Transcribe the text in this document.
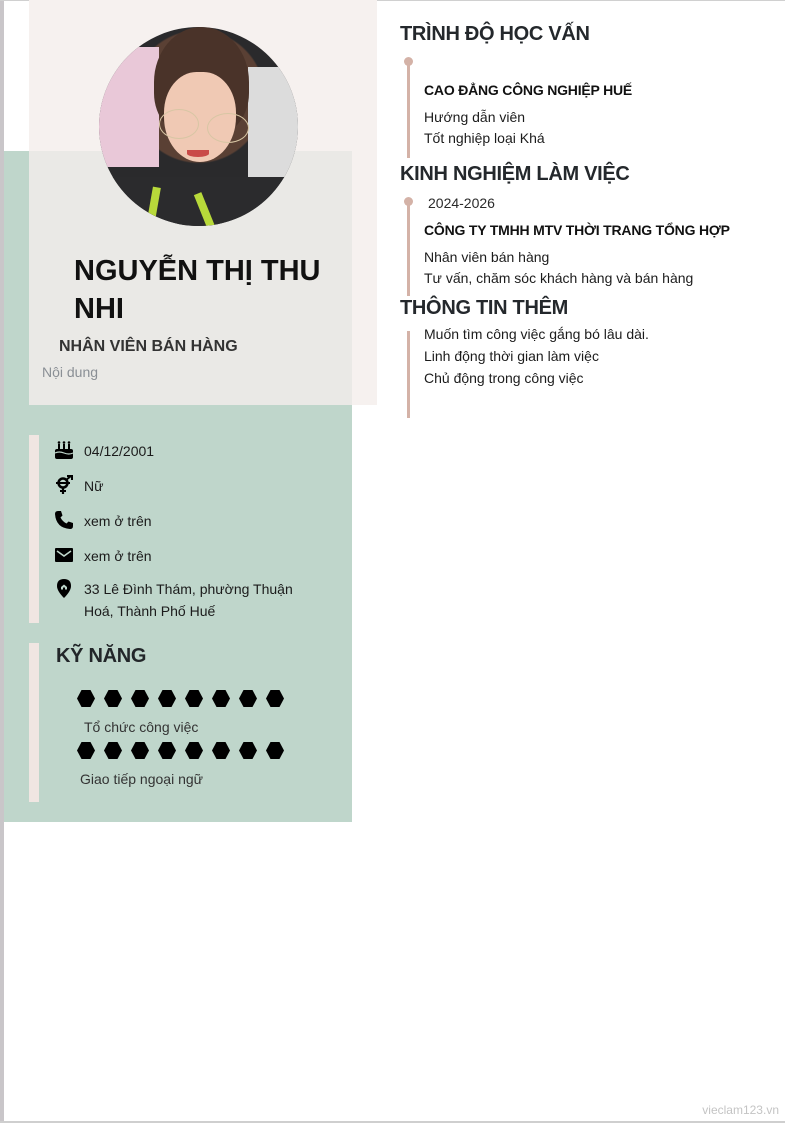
NGUYỄN THỊ THU NHI
NHÂN VIÊN BÁN HÀNG
Nội dung
04/12/2001
Nữ
xem ở trên
xem ở trên
33 Lê Đình Thám, phường Thuận Hoá, Thành Phố Huế
KỸ NĂNG
Tổ chức công việc
Giao tiếp ngoại ngữ
TRÌNH ĐỘ HỌC VẤN
CAO ĐẲNG CÔNG NGHIỆP HUẾ
Hướng dẫn viên
Tốt nghiệp loại Khá
KINH NGHIỆM LÀM VIỆC
2024-2026
CÔNG TY TMHH MTV THỜI TRANG TỔNG HỢP
Nhân viên bán hàng
Tư vấn, chăm sóc khách hàng và bán hàng
THÔNG TIN THÊM
Muốn tìm công việc gắng bó lâu dài.
Linh động thời gian làm việc
Chủ động trong công việc
vieclam123.vn
